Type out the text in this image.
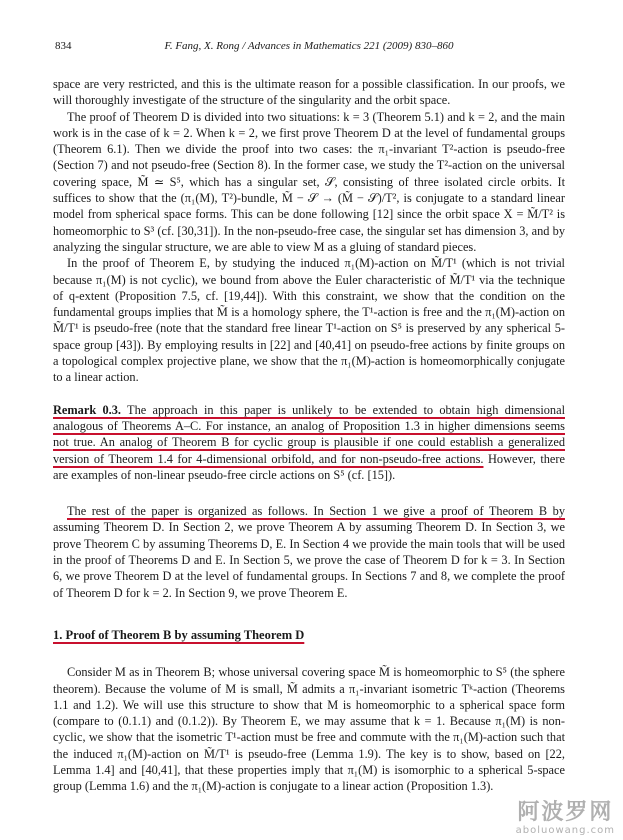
834	F. Fang, X. Rong / Advances in Mathematics 221 (2009) 830–860

space are very restricted, and this is the ultimate reason for a possible classification. In our proofs, we will thoroughly investigate of the structure of the singularity and the orbit space.

The proof of Theorem D is divided into two situations: k = 3 (Theorem 5.1) and k = 2, and the main work is in the case of k = 2. When k = 2, we first prove Theorem D at the level of fundamental groups (Theorem 6.1). Then we divide the proof into two cases: the π₁-invariant T²-action is pseudo-free (Section 7) and not pseudo-free (Section 8). In the former case, we study the T²-action on the universal covering space, M̃ ≃ S⁵, which has a singular set, 𝒮, consisting of three isolated circle orbits. It suffices to show that the (π₁(M), T²)-bundle, M̃ − 𝒮 → (M̃ − 𝒮)/T², is conjugate to a standard linear model from spherical space forms. This can be done following [12] since the orbit space X = M̃/T² is homeomorphic to S³ (cf. [30,31]). In the non-pseudo-free case, the singular set has dimension 3, and by analyzing the singular structure, we are able to view M as a gluing of standard pieces.

In the proof of Theorem E, by studying the induced π₁(M)-action on M̃/T¹ (which is not trivial because π₁(M) is not cyclic), we bound from above the Euler characteristic of M̃/T¹ via the technique of q-extent (Proposition 7.5, cf. [19,44]). With this constraint, we show that the condition on the fundamental groups implies that M̃ is a homology sphere, the T¹-action is free and the π₁(M)-action on M̃/T¹ is pseudo-free (note that the standard free linear T¹-action on S⁵ is preserved by any spherical 5-space group [43]). By employing results in [22] and [40,41] on pseudo-free actions by finite groups on a topological complex projective plane, we show that the π₁(M)-action is homeomorphically conjugate to a linear action.

Remark 0.3. The approach in this paper is unlikely to be extended to obtain high dimensional analogous of Theorems A–C. For instance, an analog of Proposition 1.3 in higher dimensions seems not true. An analog of Theorem B for cyclic group is plausible if one could establish a generalized version of Theorem 1.4 for 4-dimensional orbifold, and for non-pseudo-free actions. However, there are examples of non-linear pseudo-free circle actions on S⁵ (cf. [15]).

The rest of the paper is organized as follows. In Section 1 we give a proof of Theorem B by assuming Theorem D. In Section 2, we prove Theorem A by assuming Theorem D. In Section 3, we prove Theorem C by assuming Theorems D, E. In Section 4 we provide the main tools that will be used in the proof of Theorems D and E. In Section 5, we prove the case of Theorem D for k = 3. In Section 6, we prove Theorem D at the level of fundamental groups. In Sections 7 and 8, we complete the proof of Theorem D for k = 2. In Section 9, we prove Theorem E.

1. Proof of Theorem B by assuming Theorem D

Consider M as in Theorem B; whose universal covering space M̃ is homeomorphic to S⁵ (the sphere theorem). Because the volume of M is small, M̃ admits a π₁-invariant isometric Tᵏ-action (Theorems 1.1 and 1.2). We will use this structure to show that M is homeomorphic to a spherical space form (compare to (0.1.1) and (0.1.2)). By Theorem E, we may assume that k = 1. Because π₁(M) is non-cyclic, we show that the isometric T¹-action must be free and commute with the π₁(M)-action such that the induced π₁(M)-action on M̃/T¹ is pseudo-free (Lemma 1.9). The key is to show, based on [22, Lemma 1.4] and [40,41], that these properties imply that π₁(M) is isomorphic to a spherical 5-space group (Lemma 1.6) and the π₁(M)-action is conjugate to a linear action (Proposition 1.3).

阿波罗网
aboluowang.com
